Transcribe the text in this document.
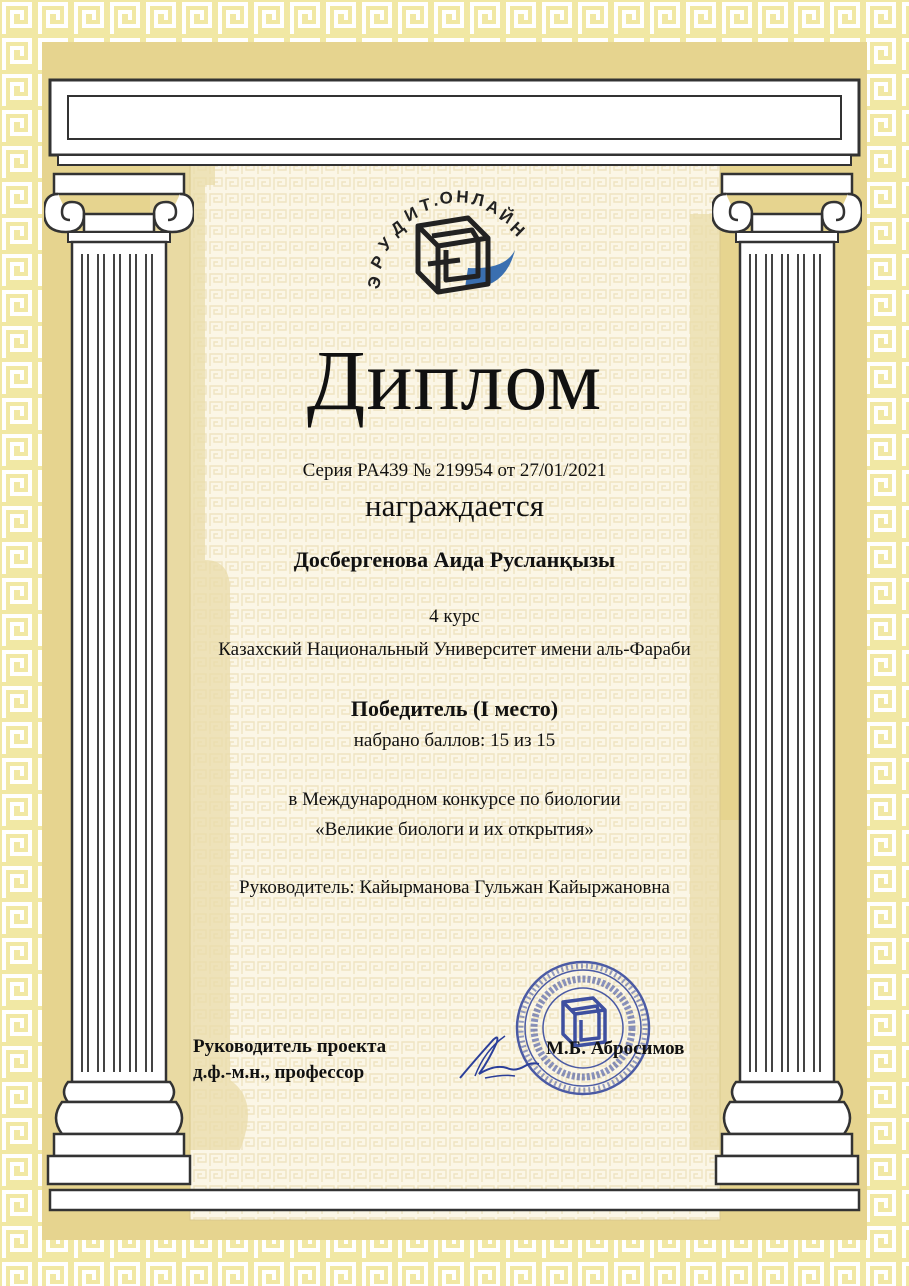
Э
Р
У
Д
И
Т
. О Н Л
А
Й
Н
Диплом
Серия PA439 № 219954 от 27/01/2021
награждается
Досбергенова Аида Русланқызы
4 курс
Казахский Национальный Университет имени аль-Фараби
Победитель (I место)
набрано баллов: 15 из 15
в Международном конкурсе по биологии
«Великие биологи и их открытия»
Руководитель: Кайырманова Гульжан Кайыржановна
Руководитель проекта
д.ф.-м.н., профессор
М.Б. Абросимов
